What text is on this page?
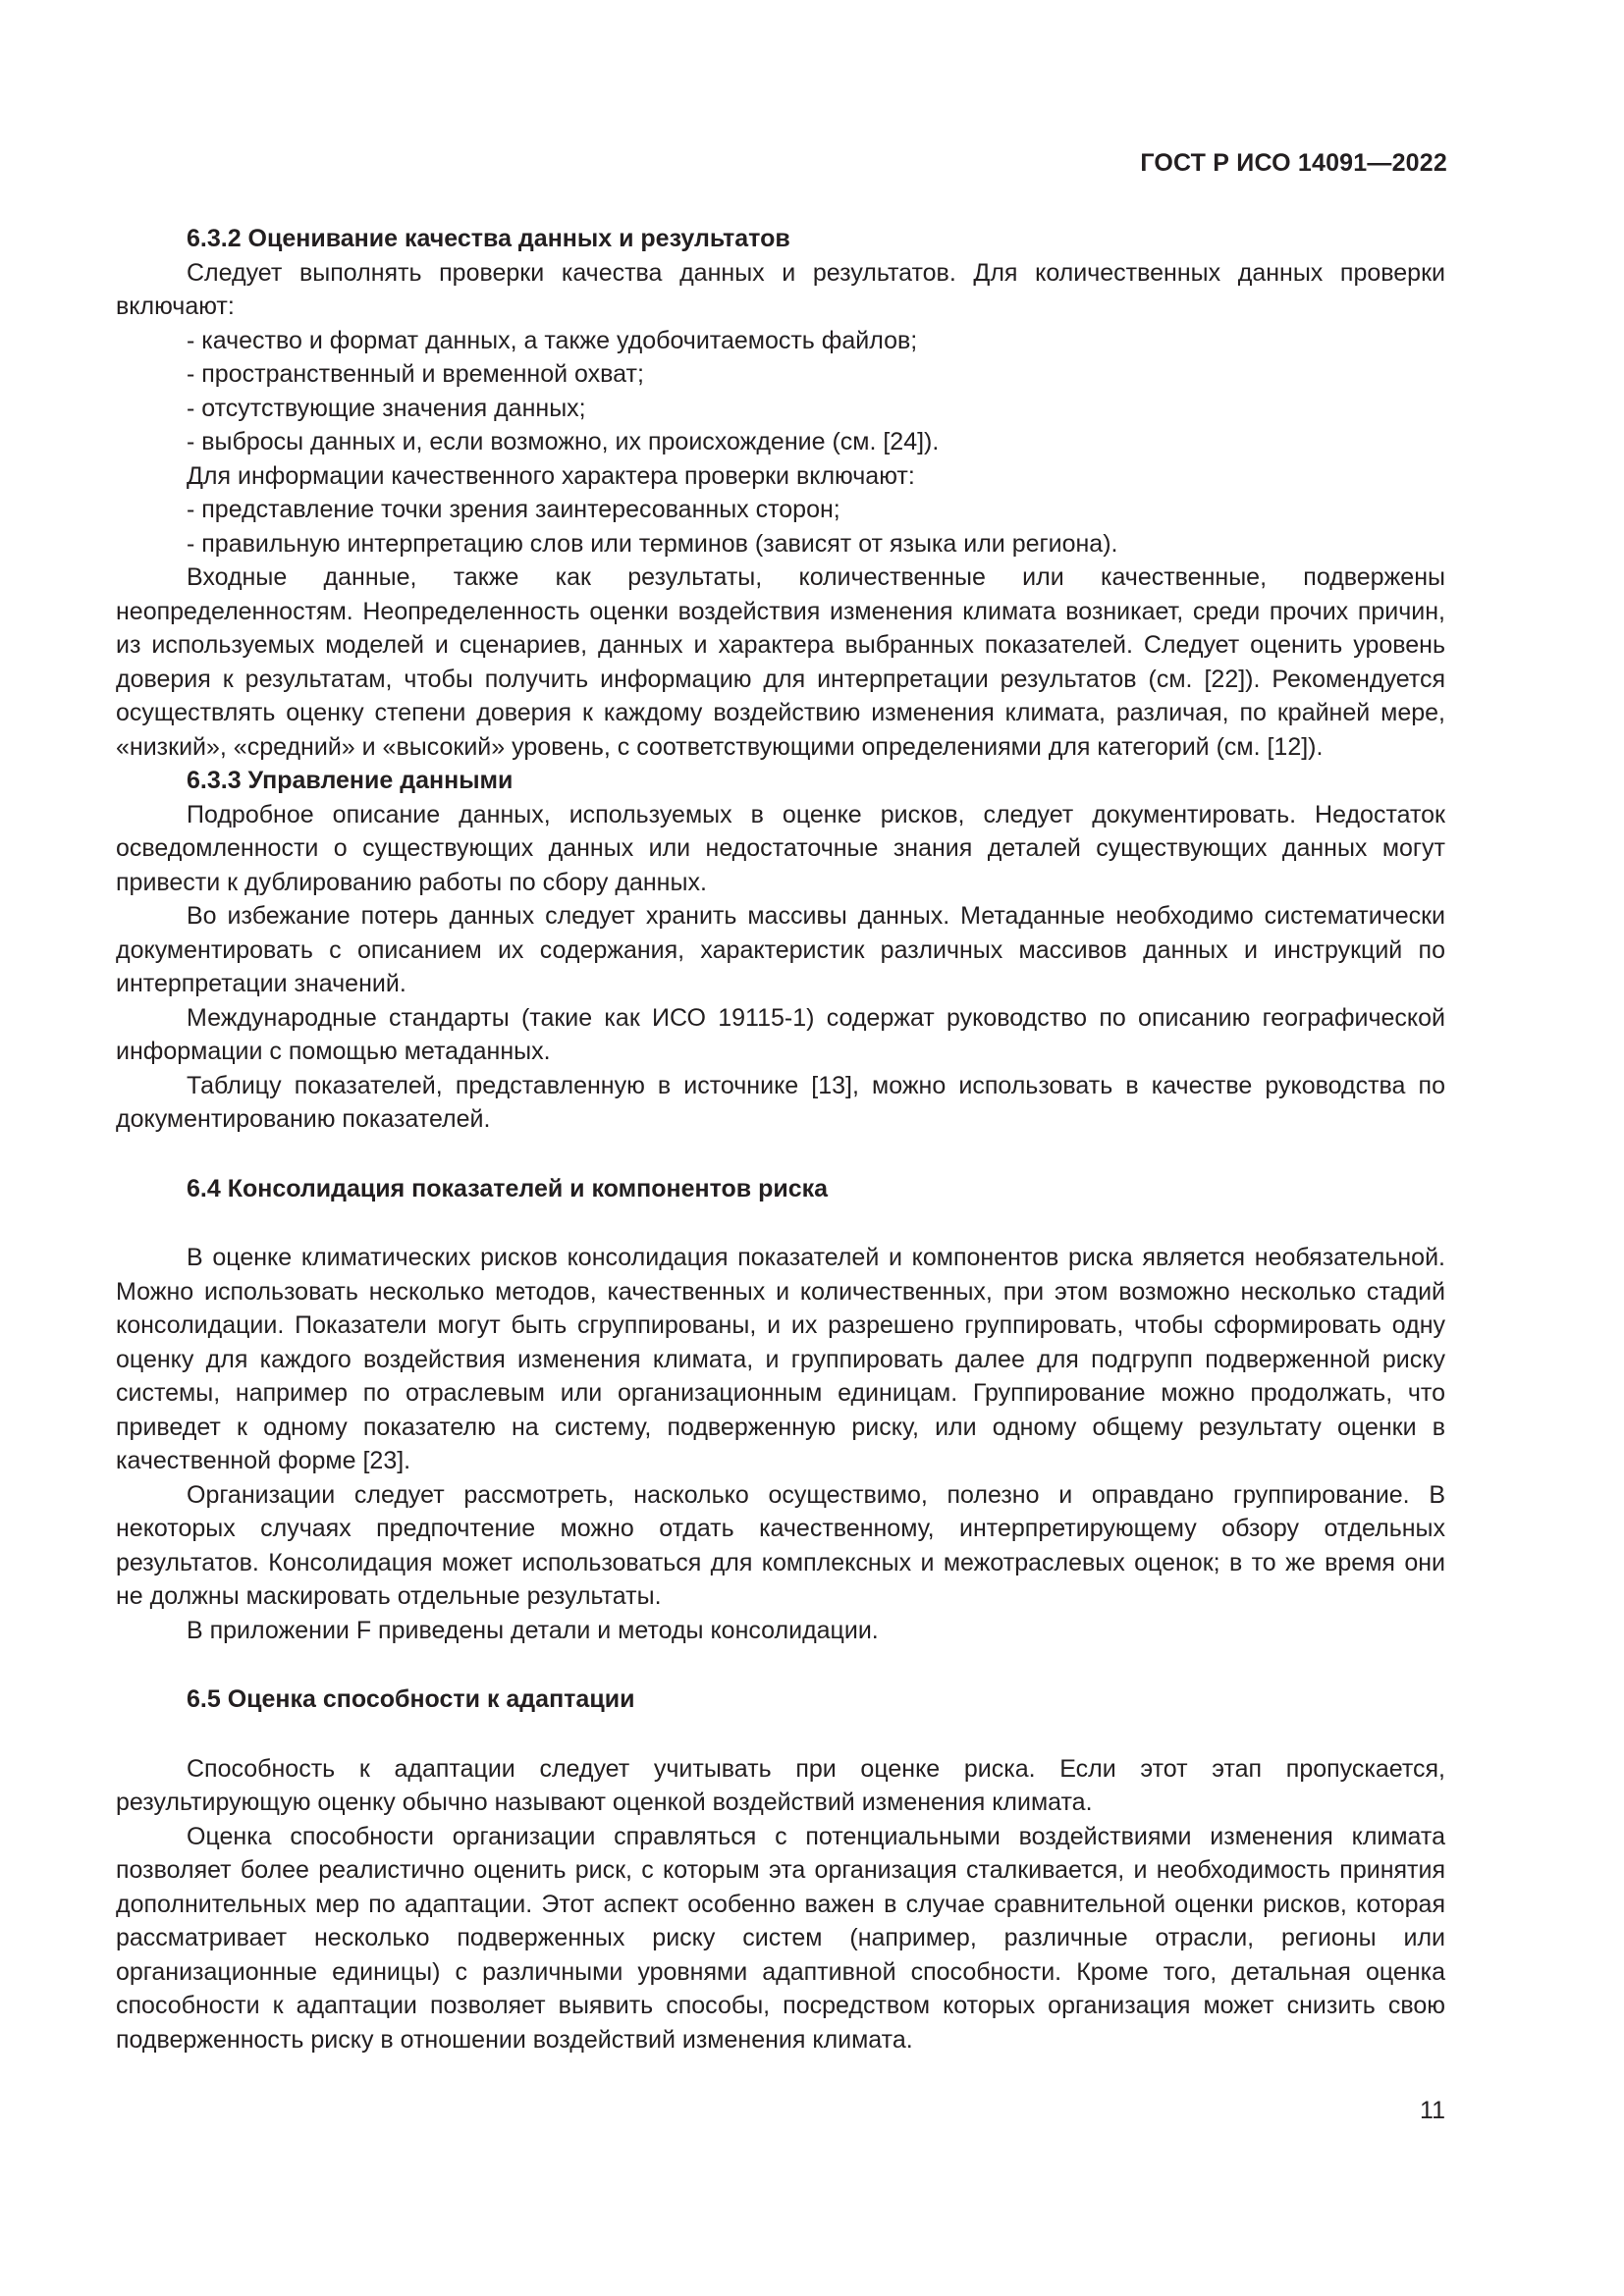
ГОСТ Р ИСО 14091—2022
6.3.2 Оценивание качества данных и результатов

Следует выполнять проверки качества данных и результатов. Для количественных данных проверки включают:

- качество и формат данных, а также удобочитаемость файлов;
- пространственный и временной охват;
- отсутствующие значения данных;
- выбросы данных и, если возможно, их происхождение (см. [24]).

Для информации качественного характера проверки включают:

- представление точки зрения заинтересованных сторон;
- правильную интерпретацию слов или терминов (зависят от языка или региона).

Входные данные, также как результаты, количественные или качественные, подвержены неопределенностям. Неопределенность оценки воздействия изменения климата возникает, среди прочих причин, из используемых моделей и сценариев, данных и характера выбранных показателей. Следует оценить уровень доверия к результатам, чтобы получить информацию для интерпретации результатов (см. [22]). Рекомендуется осуществлять оценку степени доверия к каждому воздействию изменения климата, различая, по крайней мере, «низкий», «средний» и «высокий» уровень, с соответствующими определениями для категорий (см. [12]).

6.3.3 Управление данными

Подробное описание данных, используемых в оценке рисков, следует документировать. Недостаток осведомленности о существующих данных или недостаточные знания деталей существующих данных могут привести к дублированию работы по сбору данных.

Во избежание потерь данных следует хранить массивы данных. Метаданные необходимо систематически документировать с описанием их содержания, характеристик различных массивов данных и инструкций по интерпретации значений.

Международные стандарты (такие как ИСО 19115-1) содержат руководство по описанию географической информации с помощью метаданных.

Таблицу показателей, представленную в источнике [13], можно использовать в качестве руководства по документированию показателей.

6.4 Консолидация показателей и компонентов риска

В оценке климатических рисков консолидация показателей и компонентов риска является необязательной. Можно использовать несколько методов, качественных и количественных, при этом возможно несколько стадий консолидации. Показатели могут быть сгруппированы, и их разрешено группировать, чтобы сформировать одну оценку для каждого воздействия изменения климата, и группировать далее для подгрупп подверженной риску системы, например по отраслевым или организационным единицам. Группирование можно продолжать, что приведет к одному показателю на систему, подверженную риску, или одному общему результату оценки в качественной форме [23].

Организации следует рассмотреть, насколько осуществимо, полезно и оправдано группирование. В некоторых случаях предпочтение можно отдать качественному, интерпретирующему обзору отдельных результатов. Консолидация может использоваться для комплексных и межотраслевых оценок; в то же время они не должны маскировать отдельные результаты.

В приложении F приведены детали и методы консолидации.

6.5 Оценка способности к адаптации

Способность к адаптации следует учитывать при оценке риска. Если этот этап пропускается, результирующую оценку обычно называют оценкой воздействий изменения климата.

Оценка способности организации справляться с потенциальными воздействиями изменения климата позволяет более реалистично оценить риск, с которым эта организация сталкивается, и необходимость принятия дополнительных мер по адаптации. Этот аспект особенно важен в случае сравнительной оценки рисков, которая рассматривает несколько подверженных риску систем (например, различные отрасли, регионы или организационные единицы) с различными уровнями адаптивной способности. Кроме того, детальная оценка способности к адаптации позволяет выявить способы, посредством которых организация может снизить свою подверженность риску в отношении воздействий изменения климата.

11
